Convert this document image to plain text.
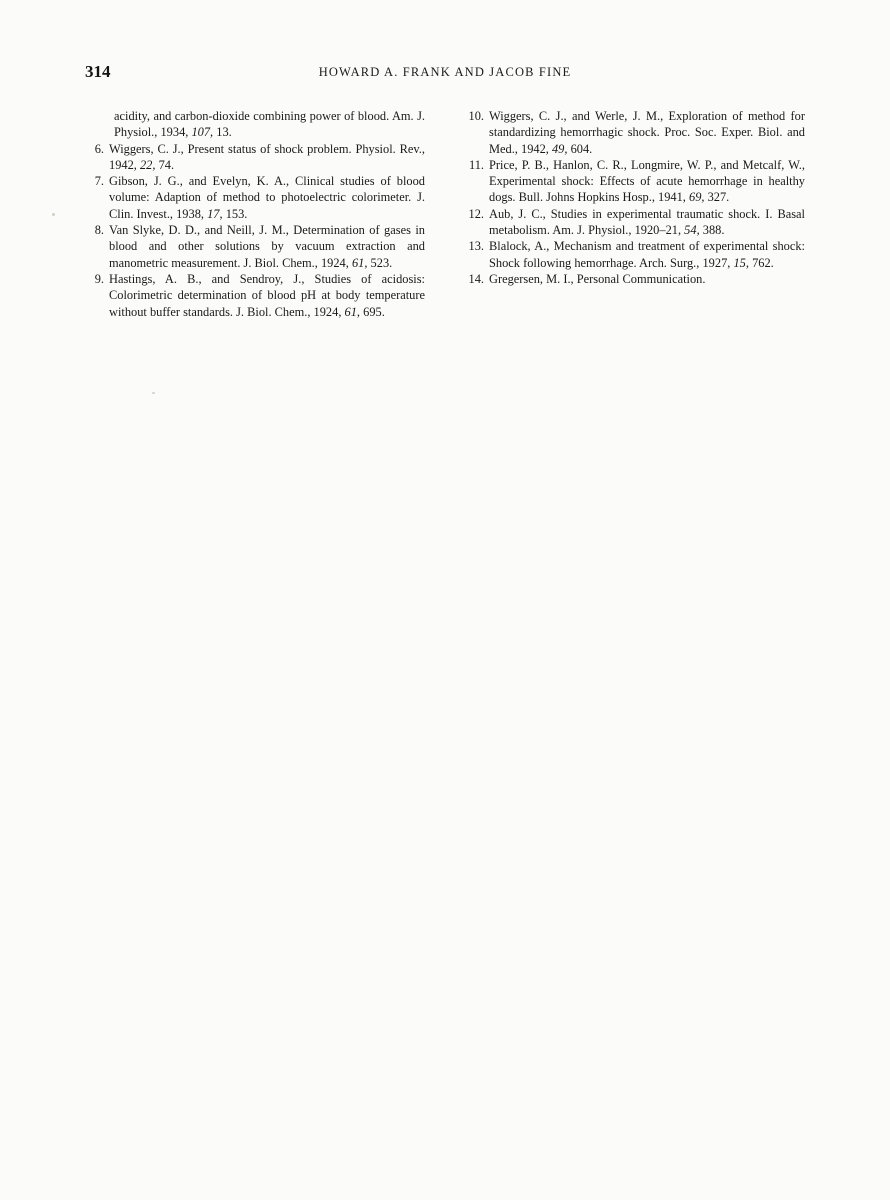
314	HOWARD A. FRANK AND JACOB FINE
acidity, and carbon-dioxide combining power of blood. Am. J. Physiol., 1934, 107, 13.
6. Wiggers, C. J., Present status of shock problem. Physiol. Rev., 1942, 22, 74.
7. Gibson, J. G., and Evelyn, K. A., Clinical studies of blood volume: Adaption of method to photoelectric colorimeter. J. Clin. Invest., 1938, 17, 153.
8. Van Slyke, D. D., and Neill, J. M., Determination of gases in blood and other solutions by vacuum extraction and manometric measurement. J. Biol. Chem., 1924, 61, 523.
9. Hastings, A. B., and Sendroy, J., Studies of acidosis: Colorimetric determination of blood pH at body temperature without buffer standards. J. Biol. Chem., 1924, 61, 695.
10. Wiggers, C. J., and Werle, J. M., Exploration of method for standardizing hemorrhagic shock. Proc. Soc. Exper. Biol. and Med., 1942, 49, 604.
11. Price, P. B., Hanlon, C. R., Longmire, W. P., and Metcalf, W., Experimental shock: Effects of acute hemorrhage in healthy dogs. Bull. Johns Hopkins Hosp., 1941, 69, 327.
12. Aub, J. C., Studies in experimental traumatic shock. I. Basal metabolism. Am. J. Physiol., 1920–21, 54, 388.
13. Blalock, A., Mechanism and treatment of experimental shock: Shock following hemorrhage. Arch. Surg., 1927, 15, 762.
14. Gregersen, M. I., Personal Communication.
